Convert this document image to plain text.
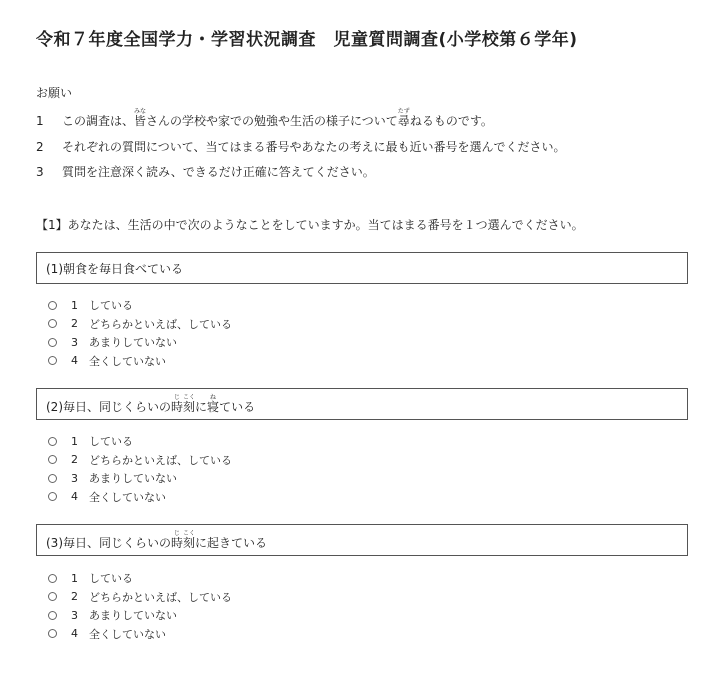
令和７年度全国学力・学習状況調査　児童質問調査(小学校第６学年)
お願い
1 この調査は、皆みなさんの学校や家での勉強や生活の様子について尋たずねるものです。
2 それぞれの質問について、当てはまる番号やあなたの考えに最も近い番号を選んでください。
3 質問を注意深く読み、できるだけ正確に答えてください。
【1】あなたは、生活の中で次のようなことをしていますか。当てはまる番号を１つ選んでください。
(1)朝食を毎日食べている
1	している
2	どちらかといえば、している
3	あまりしていない
4	全くしていない
(2)毎日、同じくらいの時じ刻こくに寝ねている
1	している
2	どちらかといえば、している
3	あまりしていない
4	全くしていない
(3)毎日、同じくらいの時じ刻こくに起きている
1	している
2	どちらかといえば、している
3	あまりしていない
4	全くしていない
